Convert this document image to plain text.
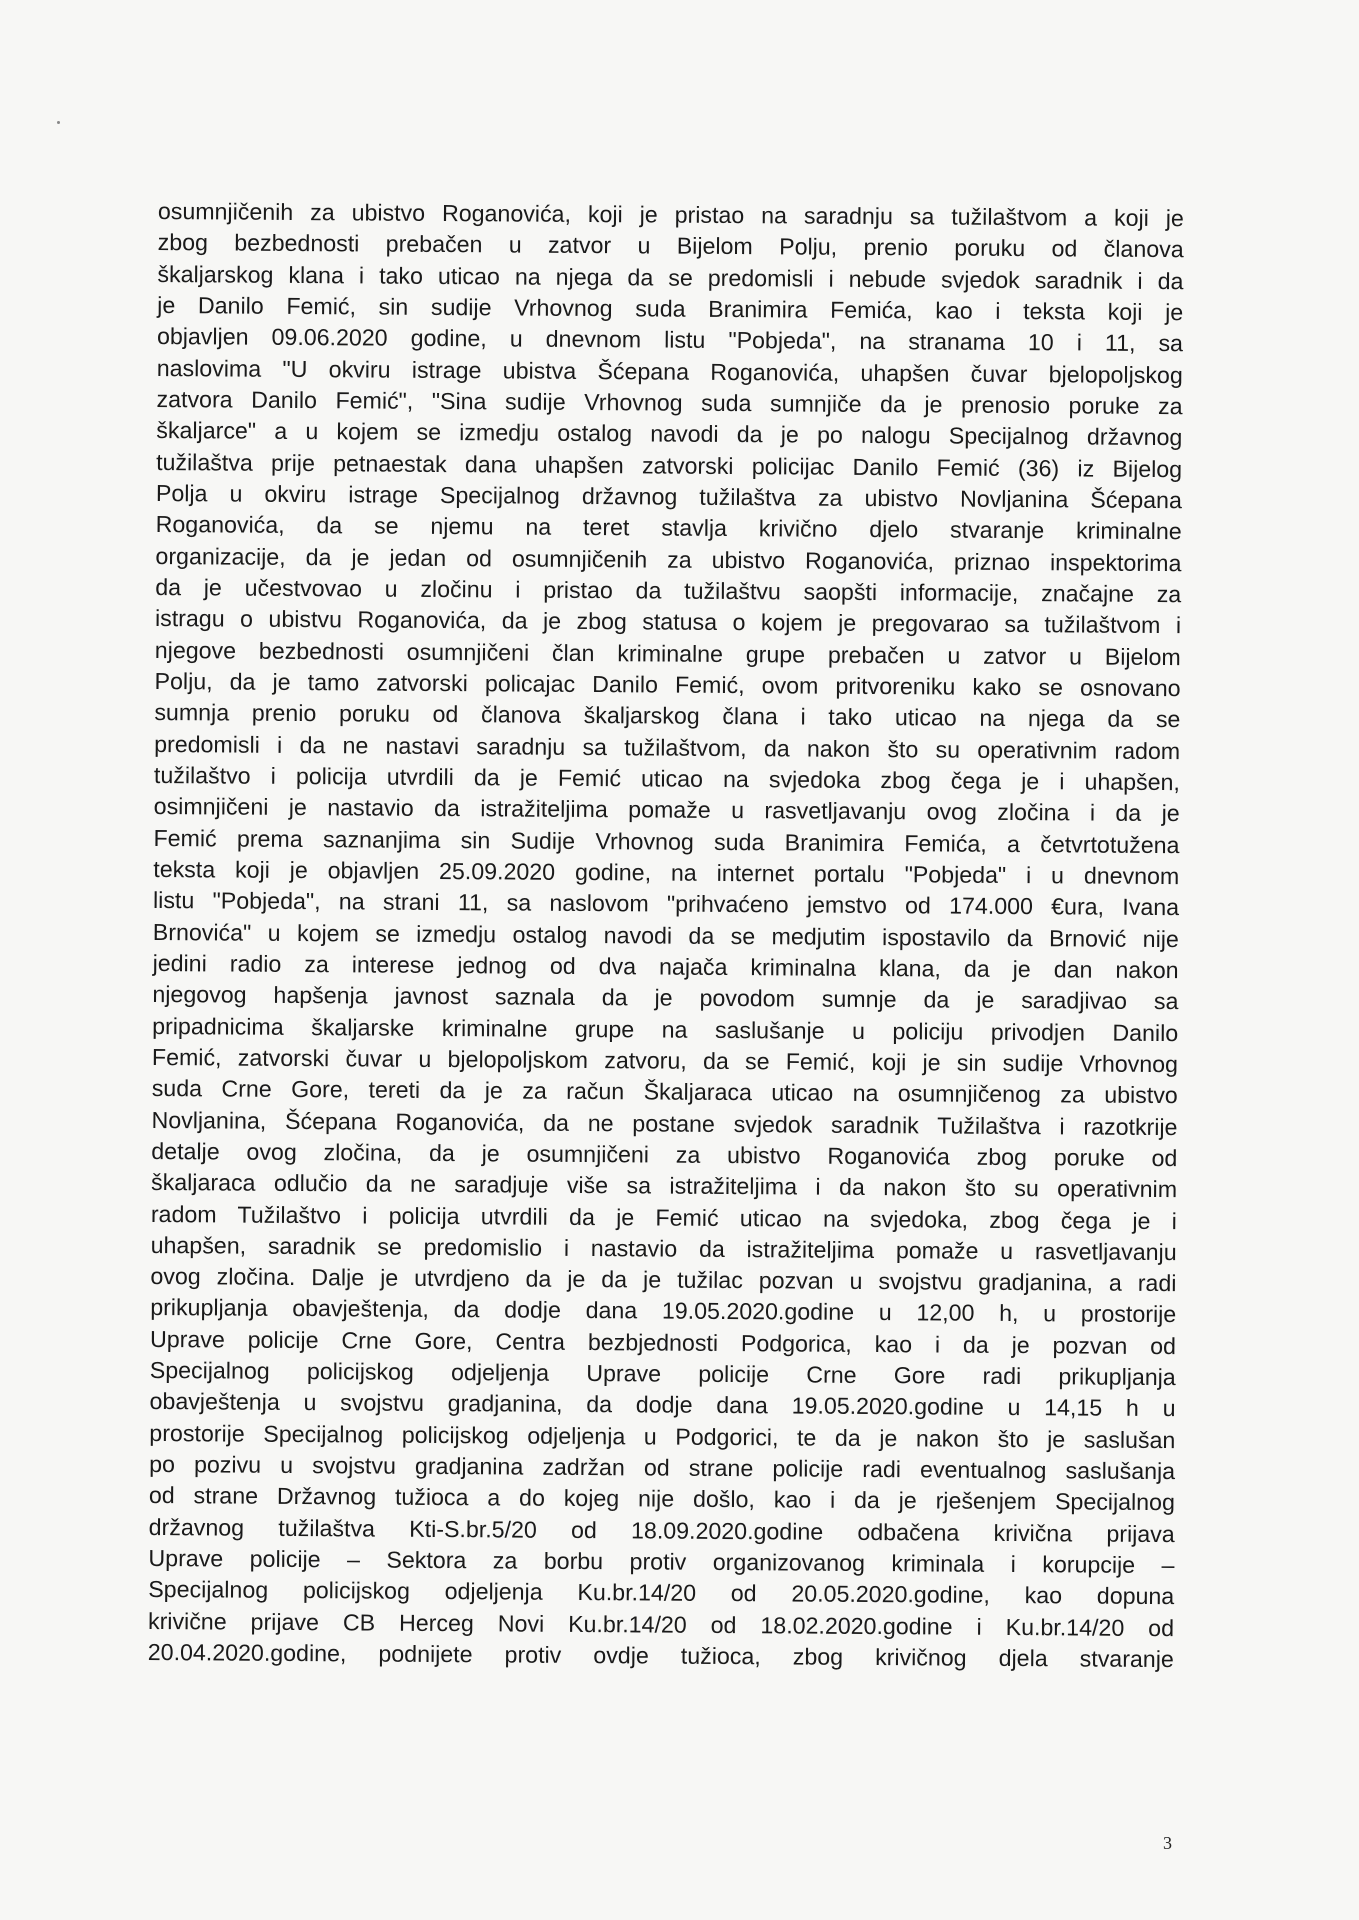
osumnjičenih za ubistvo Roganovića, koji je pristao na saradnju sa tužilaštvom a koji je
zbog bezbednosti prebačen u zatvor u Bijelom Polju, prenio poruku od članova
škaljarskog klana i tako uticao na njega da se predomisli i nebude svjedok saradnik i da
je Danilo Femić, sin sudije Vrhovnog suda Branimira Femića, kao i teksta koji je
objavljen 09.06.2020 godine, u dnevnom listu "Pobjeda", na stranama 10 i 11, sa
naslovima "U okviru istrage ubistva Šćepana Roganovića, uhapšen čuvar bjelopoljskog
zatvora Danilo Femić", "Sina sudije Vrhovnog suda sumnjiče da je prenosio poruke za
škaljarce" a u kojem se izmedju ostalog navodi da je po nalogu Specijalnog državnog
tužilaštva prije petnaestak dana uhapšen zatvorski policijac Danilo Femić (36) iz Bijelog
Polja u okviru istrage Specijalnog državnog tužilaštva za ubistvo Novljanina Šćepana
Roganovića, da se njemu na teret stavlja krivično djelo stvaranje kriminalne
organizacije, da je jedan od osumnjičenih za ubistvo Roganovića, priznao inspektorima
da je učestvovao u zločinu i pristao da tužilaštvu saopšti informacije, značajne za
istragu o ubistvu Roganovića, da je zbog statusa o kojem je pregovarao sa tužilaštvom i
njegove bezbednosti osumnjičeni član kriminalne grupe prebačen u zatvor u Bijelom
Polju, da je tamo zatvorski policajac Danilo Femić, ovom pritvoreniku kako se osnovano
sumnja prenio poruku od članova škaljarskog člana i tako uticao na njega da se
predomisli i da ne nastavi saradnju sa tužilaštvom, da nakon što su operativnim radom
tužilaštvo i policija utvrdili da je Femić uticao na svjedoka zbog čega je i uhapšen,
osimnjičeni je nastavio da istražiteljima pomaže u rasvetljavanju ovog zločina i da je
Femić prema saznanjima sin Sudije Vrhovnog suda Branimira Femića, a četvrtotužena
teksta koji je objavljen 25.09.2020 godine, na internet portalu "Pobjeda" i u dnevnom
listu "Pobjeda", na strani 11, sa naslovom "prihvaćeno jemstvo od 174.000 €ura, Ivana
Brnovića" u kojem se izmedju ostalog navodi da se medjutim ispostavilo da Brnović nije
jedini radio za interese jednog od dva najača kriminalna klana, da je dan nakon
njegovog hapšenja javnost saznala da je povodom sumnje da je saradjivao sa
pripadnicima škaljarske kriminalne grupe na saslušanje u policiju privodjen Danilo
Femić, zatvorski čuvar u bjelopoljskom zatvoru, da se Femić, koji je sin sudije Vrhovnog
suda Crne Gore, tereti da je za račun Škaljaraca uticao na osumnjičenog za ubistvo
Novljanina, Šćepana Roganovića, da ne postane svjedok saradnik Tužilaštva i razotkrije
detalje ovog zločina, da je osumnjičeni za ubistvo Roganovića zbog poruke od
škaljaraca odlučio da ne saradjuje više sa istražiteljima i da nakon što su operativnim
radom Tužilaštvo i policija utvrdili da je Femić uticao na svjedoka, zbog čega je i
uhapšen, saradnik se predomislio i nastavio da istražiteljima pomaže u rasvetljavanju
ovog zločina. Dalje je utvrdjeno da je da je tužilac pozvan u svojstvu gradjanina, a radi
prikupljanja obavještenja, da dodje dana 19.05.2020.godine u 12,00 h, u prostorije
Uprave policije Crne Gore, Centra bezbjednosti Podgorica, kao i da je pozvan od
Specijalnog policijskog odjeljenja Uprave policije Crne Gore radi prikupljanja
obavještenja u svojstvu gradjanina, da dodje dana 19.05.2020.godine u 14,15 h u
prostorije Specijalnog policijskog odjeljenja u Podgorici, te da je nakon što je saslušan
po pozivu u svojstvu gradjanina zadržan od strane policije radi eventualnog saslušanja
od strane Državnog tužioca a do kojeg nije došlo, kao i da je rješenjem Specijalnog
državnog tužilaštva Kti-S.br.5/20 od 18.09.2020.godine odbačena krivična prijava
Uprave policije – Sektora za borbu protiv organizovanog kriminala i korupcije –
Specijalnog policijskog odjeljenja Ku.br.14/20 od 20.05.2020.godine, kao dopuna
krivične prijave CB Herceg Novi Ku.br.14/20 od 18.02.2020.godine i Ku.br.14/20 od
20.04.2020.godine, podnijete protiv ovdje tužioca, zbog krivičnog djela stvaranje
3
